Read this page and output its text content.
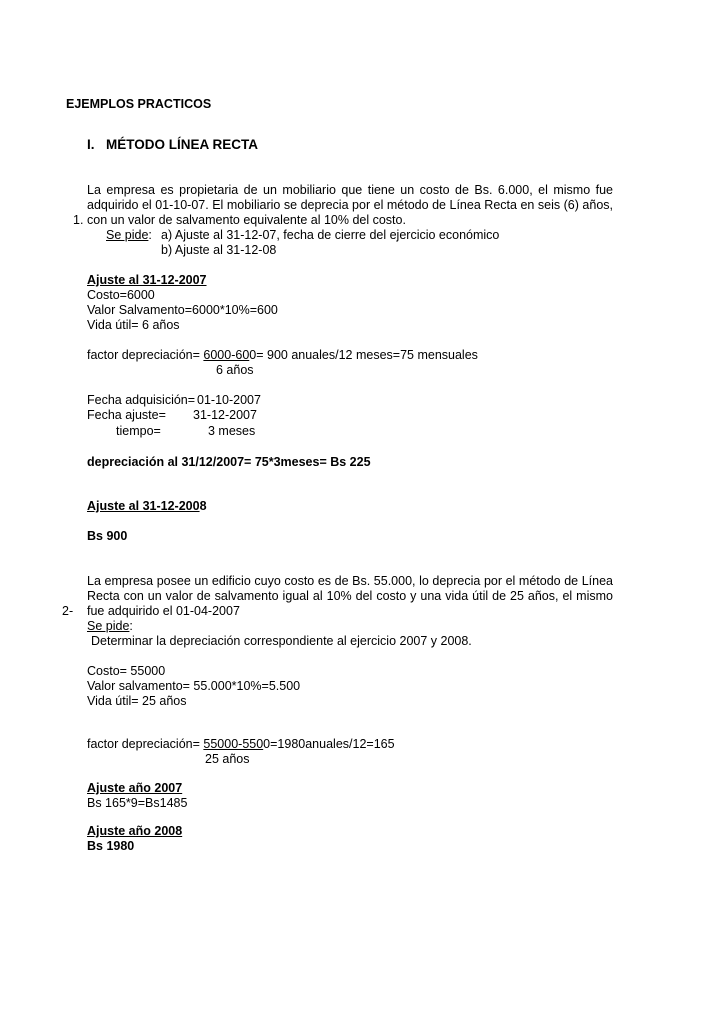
EJEMPLOS PRACTICOS
I. MÉTODO LÍNEA RECTA
La empresa es propietaria de un mobiliario que tiene un costo de Bs. 6.000, el mismo fue
adquirido el 01-10-07. El mobiliario se deprecia por el método de Línea Recta en seis (6) años,
1. con un valor de salvamento equivalente al 10% del costo.
Se pide: a) Ajuste al 31-12-07, fecha de cierre del ejercicio económico
b) Ajuste al 31-12-08
Ajuste al 31-12-2007
Costo=6000
Valor Salvamento=6000*10%=600
Vida útil= 6 años
factor depreciación= 6000-600= 900 anuales/12 meses=75 mensuales
6 años
Fecha adquisición= 01-10-2007
Fecha ajuste= 31-12-2007
tiempo=	3 meses
depreciación al 31/12/2007= 75*3meses= Bs 225
Ajuste al 31-12-2008
Bs 900
La empresa posee un edificio cuyo costo es de Bs. 55.000, lo deprecia por el método de Línea
Recta con un valor de salvamento igual al 10% del costo y una vida útil de 25 años, el mismo
2- fue adquirido el 01-04-2007
Se pide:
Determinar la depreciación correspondiente al ejercicio 2007 y 2008.
Costo= 55000
Valor salvamento= 55.000*10%=5.500
Vida útil= 25 años
factor depreciación= 55000-5500=1980anuales/12=165
25 años
Ajuste año 2007
Bs 165*9=Bs1485
Ajuste año 2008
Bs 1980
